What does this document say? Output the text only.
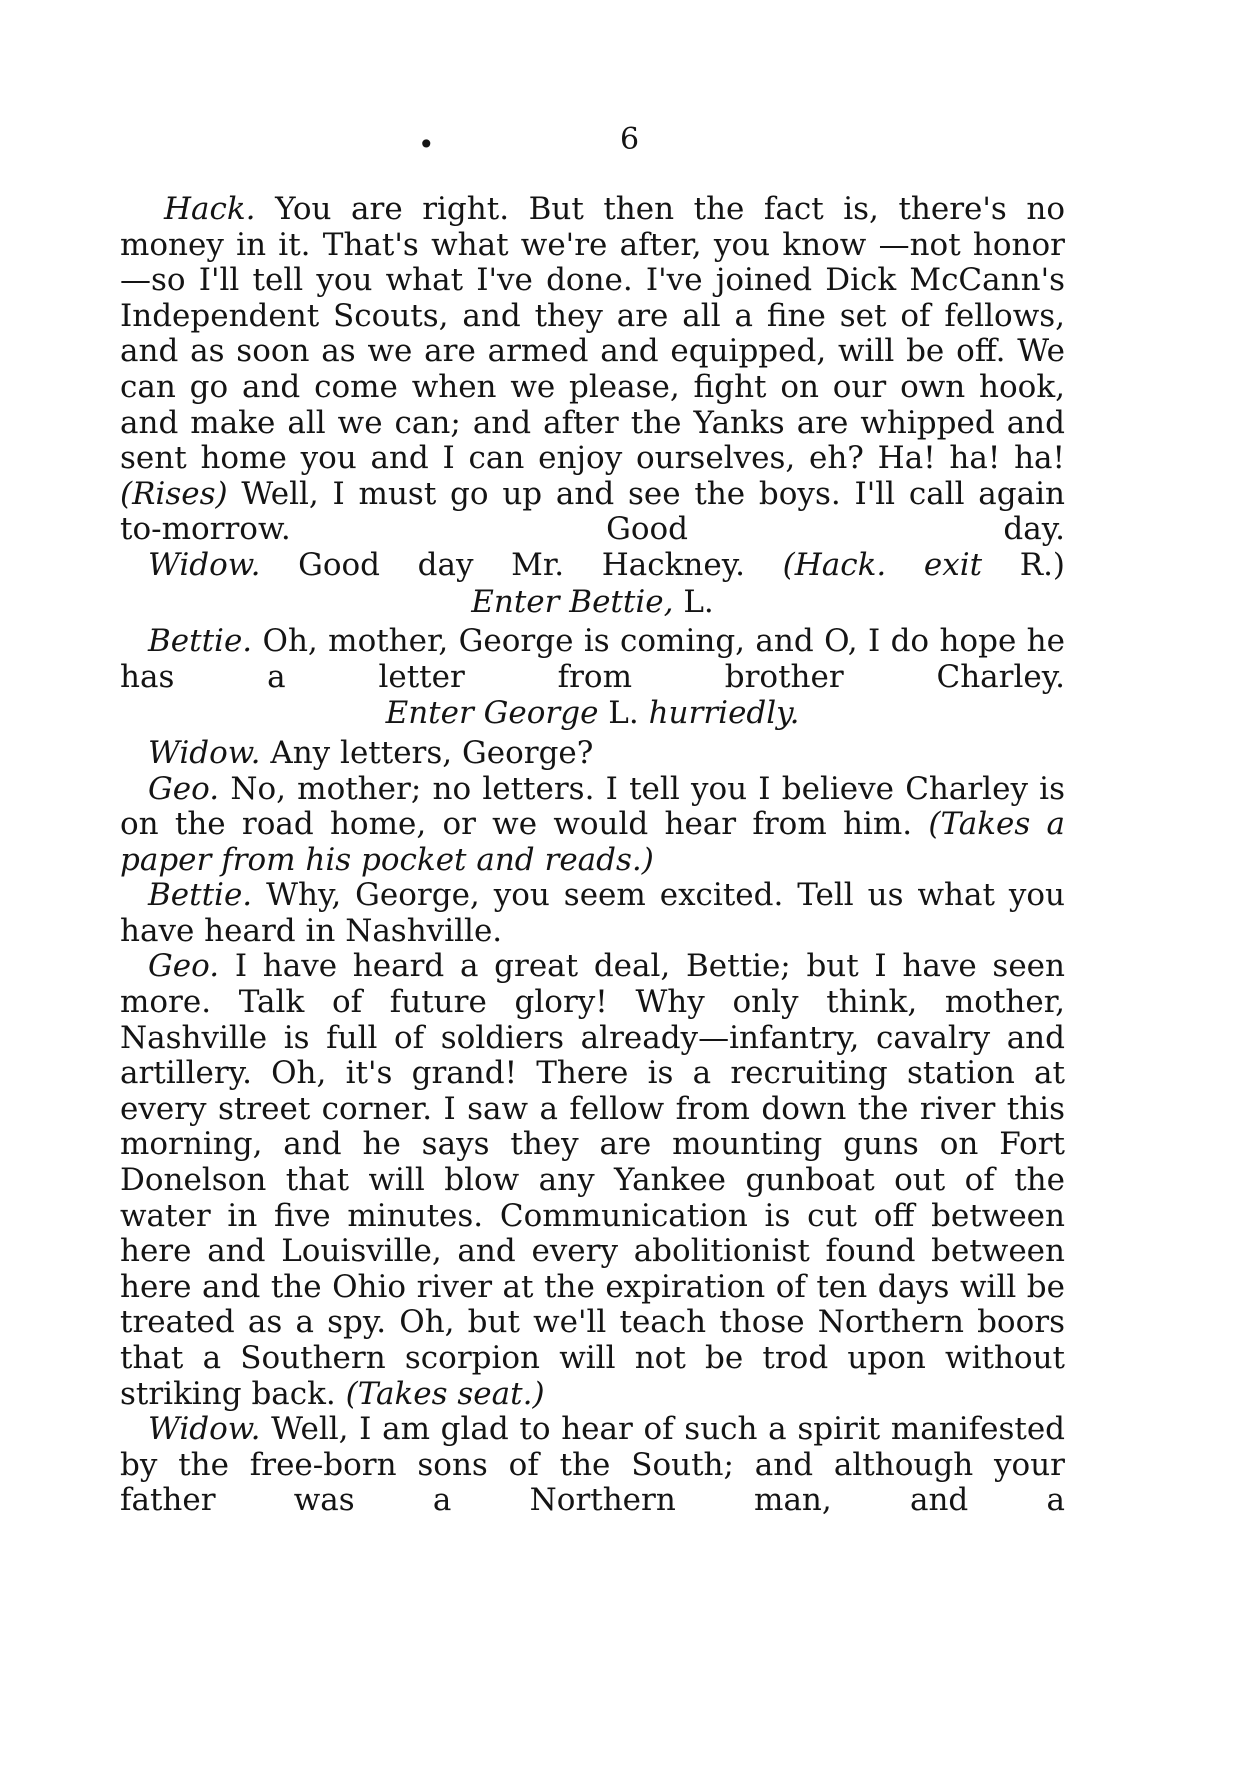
•	6

Hack. You are right. But then the fact is, there's no money in it. That's what we're after, you know —not honor—so I'll tell you what I've done. I've joined Dick McCann's Independent Scouts, and they are all a fine set of fellows, and as soon as we are armed and equipped, will be off. We can go and come when we please, fight on our own hook, and make all we can; and after the Yanks are whipped and sent home you and I can enjoy ourselves, eh? Ha! ha! ha! (Rises) Well, I must go up and see the boys. I'll call again to-morrow. Good day.

Widow. Good day Mr. Hackney. (Hack. exit R.)

Enter Bettie, L.

Bettie. Oh, mother, George is coming, and O, I do hope he has a letter from brother Charley.

Enter George L. hurriedly.

Widow. Any letters, George?

Geo. No, mother; no letters. I tell you I believe Charley is on the road home, or we would hear from him. (Takes a paper from his pocket and reads.)

Bettie. Why, George, you seem excited. Tell us what you have heard in Nashville.

Geo. I have heard a great deal, Bettie; but I have seen more. Talk of future glory! Why only think, mother, Nashville is full of soldiers already—infantry, cavalry and artillery. Oh, it's grand! There is a recruiting station at every street corner. I saw a fellow from down the river this morning, and he says they are mounting guns on Fort Donelson that will blow any Yankee gunboat out of the water in five minutes. Communication is cut off between here and Louisville, and every abolitionist found between here and the Ohio river at the expiration of ten days will be treated as a spy. Oh, but we'll teach those Northern boors that a Southern scorpion will not be trod upon without striking back. (Takes seat.)

Widow. Well, I am glad to hear of such a spirit manifested by the free-born sons of the South; and although your father was a Northern man, and a
